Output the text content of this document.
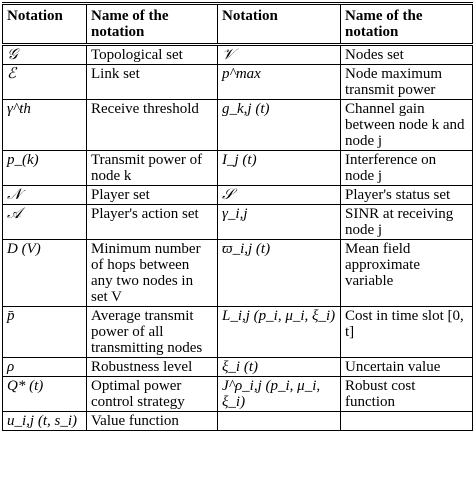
Notation	Name of the notation	Notation	Name of the notation
𝒢	Topological set	𝒱	Nodes set
ℰ	Link set	p^max	Node maximum transmit power
γ^th	Receive threshold	g_k,j (t)	Channel gain between node k and node j
p_(k)	Transmit power of node k	I_j (t)	Interference on node j
𝒩	Player set	𝒮	Player's status set
𝒜	Player's action set	γ_i,j	SINR at receiving node j
D (V)	Minimum number of hops between any two nodes in set V	ϖ_i,j (t)	Mean field approximate variable
p̄	Average transmit power of all transmitting nodes	L_i,j (p_i, μ_i, ξ_i)	Cost in time slot [0, t]
ρ	Robustness level	ξ_i (t)	Uncertain value
Q* (t)	Optimal power control strategy	J^ρ_i,j (p_i, μ_i, ξ_i)	Robust cost function
u_i,j (t, s_i)	Value function		
